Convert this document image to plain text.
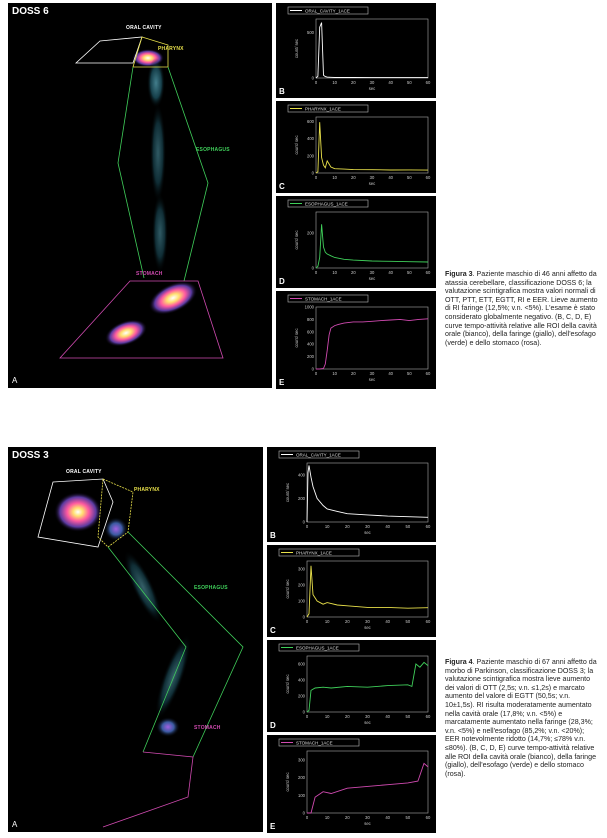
DOSS 6
ORAL CAVITY
PHARYNX
ESOPHAGUS
STOMACH
A
Figura 3. Paziente maschio di 46 anni affetto da atassia cerebellare, classificazione DOSS 6; la valutazione scintigrafica mostra valori normali di OTT, PTT, ETT, EGTT, RI e EER. Lieve aumento di RI faringe (12,5%; v.n. <5%). L'esame è stato considerato globalmente negativo. (B, C, D, E) curve tempo-attività relative alle ROI della cavità orale (bianco), della faringe (giallo), dell'esofago (verde) e dello stomaco (rosa).
DOSS 3
ORAL CAVITY
PHARYNX
ESOPHAGUS
STOMACH
A
Figura 4. Paziente maschio di 67 anni affetto da morbo di Parkinson, classificazione DOSS 3; la valutazione scintigrafica mostra lieve aumento dei valori di OTT (2,5s; v.n. ≤1,2s) e marcato aumento del valore di EGTT (50,5s; v.n. 10±1,5s). RI risulta moderatamente aumentato nella cavità orale (17,8%; v.n. <5%) e marcatamente aumentato nella faringe (28,3%; v.n. <5%) e nell'esofago (85,2%; v.n. <20%); EER notevolmente ridotto (14,7%; ≤78% v.n. ≤80%). (B, C, D, E) curve tempo-attività relative alle ROI della cavità orale (bianco), della faringe (giallo), dell'esofago (verde) e dello stomaco (rosa).
ORAL_CAVITY_1ACE
0	10	20	30	40	50	60
sec
0
500
count/ sec
B
PHARYNX_1ACE
0	10	20	30	40	50	60
sec
0
200
400
600
count/ sec
C
ESOPHAGUS_1ACE
0	10	20	30	40	50	60
sec
0
200
count/ sec
D
STOMACH_1ACE
0	10	20	30	40	50	60
sec
0
200
400
600
800
1000
count/ sec
E
ORAL_CAVITY_1ACE
0	10	20	30	40	50	60
sec
0
200
400
count/ sec
B
PHARYNX_1ACE
0	10	20	30	40	50	60
sec
0
100
200
300
count/ sec
C
ESOPHAGUS_1ACE
0	10	20	30	40	50	60
sec
0
200
400
600
count/ sec
D
STOMACH_1ACE
0	10	20	30	40	50	60
sec
0
100
200
300
count/ sec
E
